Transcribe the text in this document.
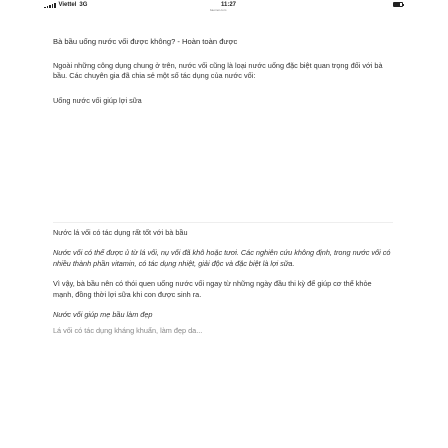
Viettel 3G	11:27
baomoi.com

Bà bầu uống nước vối được không? - Hoàn toàn được

Ngoài những công dụng chung ở trên, nước vối cũng là loại nước uống đặc biệt quan trọng đối với bà bầu. Các chuyên gia đã chia sẻ một số tác dụng của nước vối:

Uống nước vối giúp lợi sữa

Nước lá vối có tác dụng rất tốt với bà bầu

Nước vối có thể được ủ từ lá vối, nụ vối đã khô hoặc tươi. Các nghiên cứu không định, trong nước vối có nhiều thành phần vitamin, có tác dụng nhiệt, giải độc và đặc biệt là lợi sữa.

Vì vậy, bà bầu nên có thói quen uống nước vối ngay từ những ngày đầu thi kỳ để giúp cơ thể khỏe mạnh, đồng thời lợi sữa khi con được sinh ra.

Nước vối giúp mẹ bầu làm đẹp

Lá vối có tác dụng kháng khuẩn, làm đẹp da...
